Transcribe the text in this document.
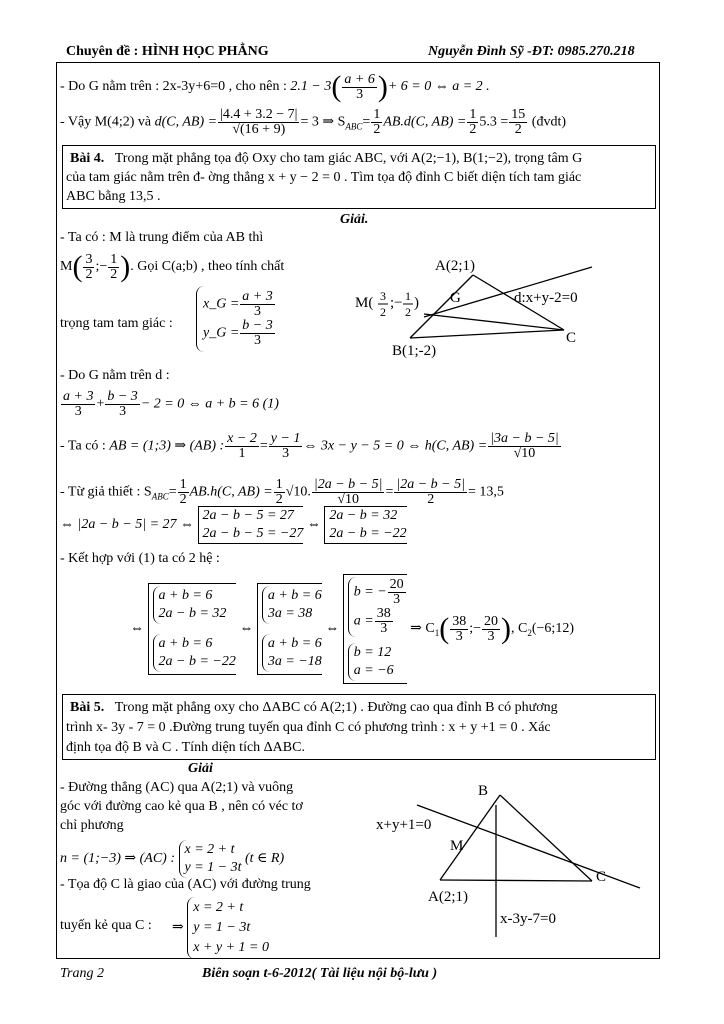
Chuyên đề : HÌNH HỌC PHẲNG	Nguyễn Đình Sỹ -ĐT: 0985.270.218
- Do G nằm trên : 2x-3y+6=0 , cho nên : $2.1 - 3( \frac{a + 6}{3}$ )+ 6 = 0 ⇔ a = 2 .
- Vậy M(4;2) và d(C, $AB) = \frac{|4.4 + 3.2 - 7|}{√(16 + 9)} = 3$ ⇒ $S_{ABC}= \frac{1}{2} AB.d(C$, $AB) = \frac{1}{2} 5.3 = \frac{15}{2}$ (đvdt)
Bài 4. Trong mặt phẳng tọa độ Oxy cho tam giác ABC, với A(2;−1), B(1;−2), trọng tâm G
của tam giác nằm trên đ- ờng thẳng x + y − 2 = 0 . Tìm tọa độ đỉnh C biết diện tích tam giác
ABC bằng 13,5 .
Giải.
- Ta có : M là trung điểm của AB thì
$M( \frac{3}{2}$ ;− $\frac{1}{2}$ ). Gọi C(a;b) , theo tính chất
trọng tam tam giác :
x_G = $\frac{a + 3}{3}$

y_G = $\frac{b - 3}{3}$
- Do G nằm trên d :
$\frac{a + 3}{3} + \frac{b - 3}{3} - 2 = 0$ ⇔ a + b = 6 (1)
- Ta có : AB = (1;3) ⇒ (AB) : $\frac{x - 2}{1} = \frac{y - 1}{3}$ ⇔ 3x − y − 5 = 0 ⇔ h(C, $AB) = \frac{|3a - b - 5|}{√10}$
- Từ giả thiết : $S_{ABC}= \frac{1}{2} AB.h(C$, $AB) = \frac{1}{2} √10$. $\frac{|2a - b - 5|}{√10} = \frac{|2a - b - 5|}{2} = 13,5$
⇔ |2a − b − 5| = 27 ⇔ 2a − b − 5 = 27
2a − b − 5 = −27 ⇔ 2a − b = 32
2a − b = −22
- Kết hợp với (1) ta có 2 hệ :
⇔ a + b = 6
2a − b = 32
a + b = 6
2a − b = −22 ⇔ a + b = 6
3a = 38
a + b = 6
3a = −18 ⇔ b = − $\frac{20}{3}$

$a = \frac{38}{3}$

b = 12
a = −6 ⇒ $C_1( \frac{38}{3}$ ;− $\frac{20}{3}$ ), $C_2(-6;12)$
A(2;1)
M( 3
2
;− 1
2
) G	d:x+y-2=0
C
B(1;-2)
Bài 5. Trong mặt phẳng oxy cho ΔABC có A(2;1) . Đường cao qua đỉnh B có phương
trình x- 3y - 7 = 0 .Đường trung tuyến qua đỉnh C có phương trình : x + y +1 = 0 . Xác
định tọa độ B và C . Tính diện tích ΔABC.
Giải
- Đường thẳng (AC) qua A(2;1) và vuông
góc với đường cao kẻ qua B , nên có véc tơ
chỉ phương
n = (1;−3) ⇒ (AC) : x = 2 + t
y = 1 − 3t (t ∈ R)
- Tọa độ C là giao của (AC) với đường trung
tuyến kẻ qua C : ⇒ x = 2 + t
y = 1 − 3t
x + y + 1 = 0
B
x+y+1=0
M
C
A(2;1)
x-3y-7=0
Trang 2	Biên soạn t-6-2012( Tài liệu nội bộ-lưu )
